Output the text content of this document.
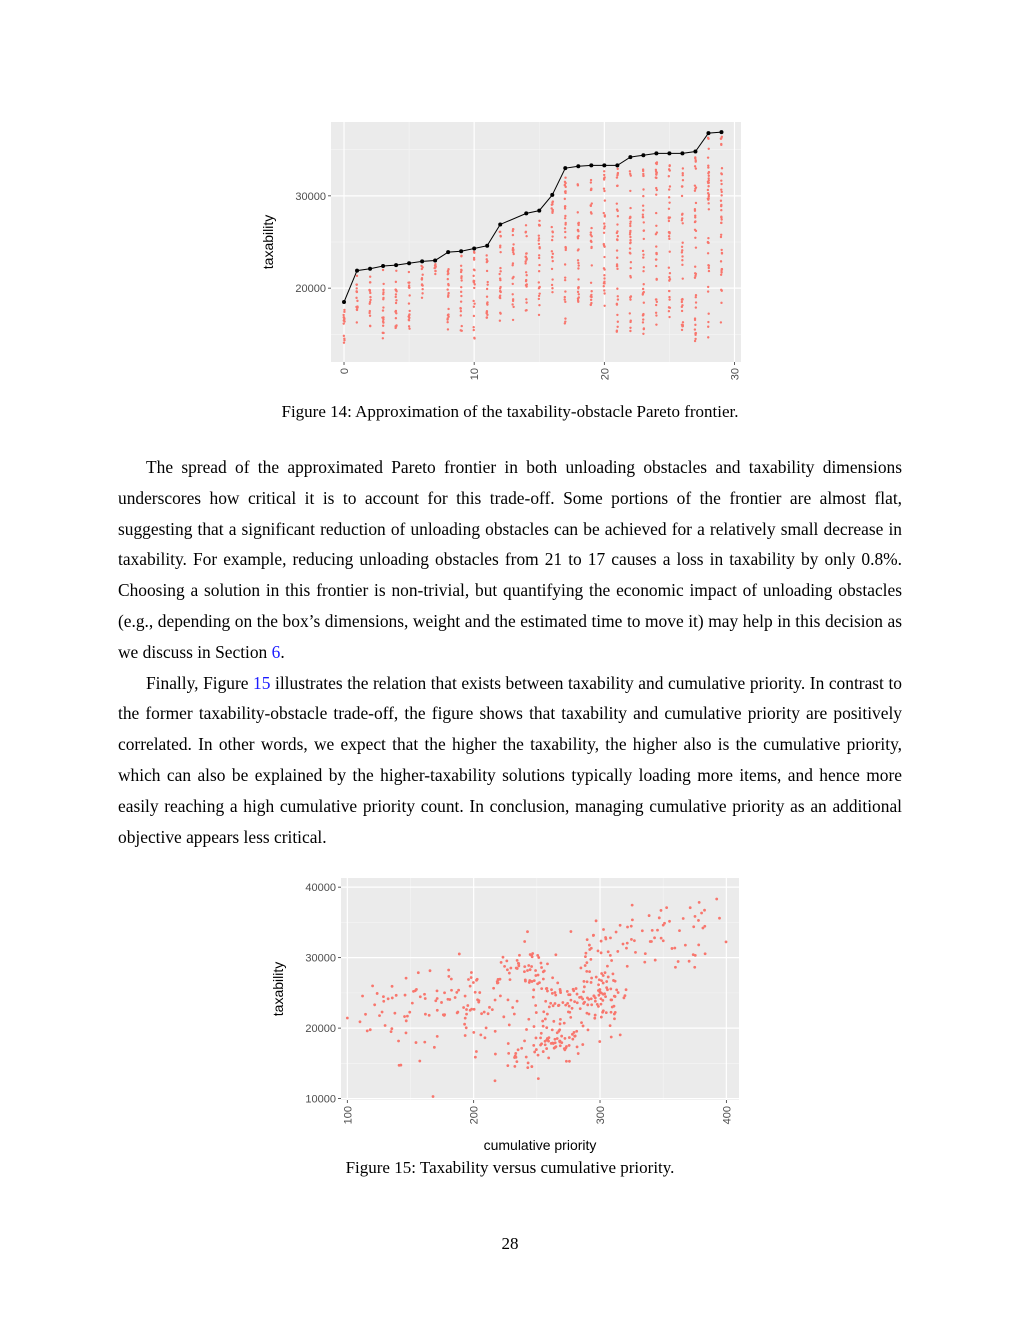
0	10	20	30
20000
30000
taxability
Figure 14: Approximation of the taxability-obstacle Pareto frontier.

The spread of the approximated Pareto frontier in both unloading obstacles and taxability dimensions underscores how critical it is to account for this trade-off. Some portions of the frontier are almost flat, suggesting that a significant reduction of unloading obstacles can be achieved for a relatively small decrease in taxability. For example, reducing unloading obstacles from 21 to 17 causes a loss in taxability by only 0.8%. Choosing a solution in this frontier is non-trivial, but quantifying the economic impact of unloading obstacles (e.g., depending on the box’s dimensions, weight and the estimated time to move it) may help in this decision as we discuss in Section 6.

Finally, Figure 15 illustrates the relation that exists between taxability and cumulative priority. In contrast to the former taxability-obstacle trade-off, the figure shows that taxability and cumulative priority are positively correlated. In other words, we expect that the higher the taxability, the higher also is the cumulative priority, which can also be explained by the higher-taxability solutions typically loading more items, and hence more easily reaching a high cumulative priority count. In conclusion, managing cumulative priority as an additional objective appears less critical.

100	200	300	400
10000
20000
30000
40000
cumulative priority
taxability
Figure 15: Taxability versus cumulative priority.
28
